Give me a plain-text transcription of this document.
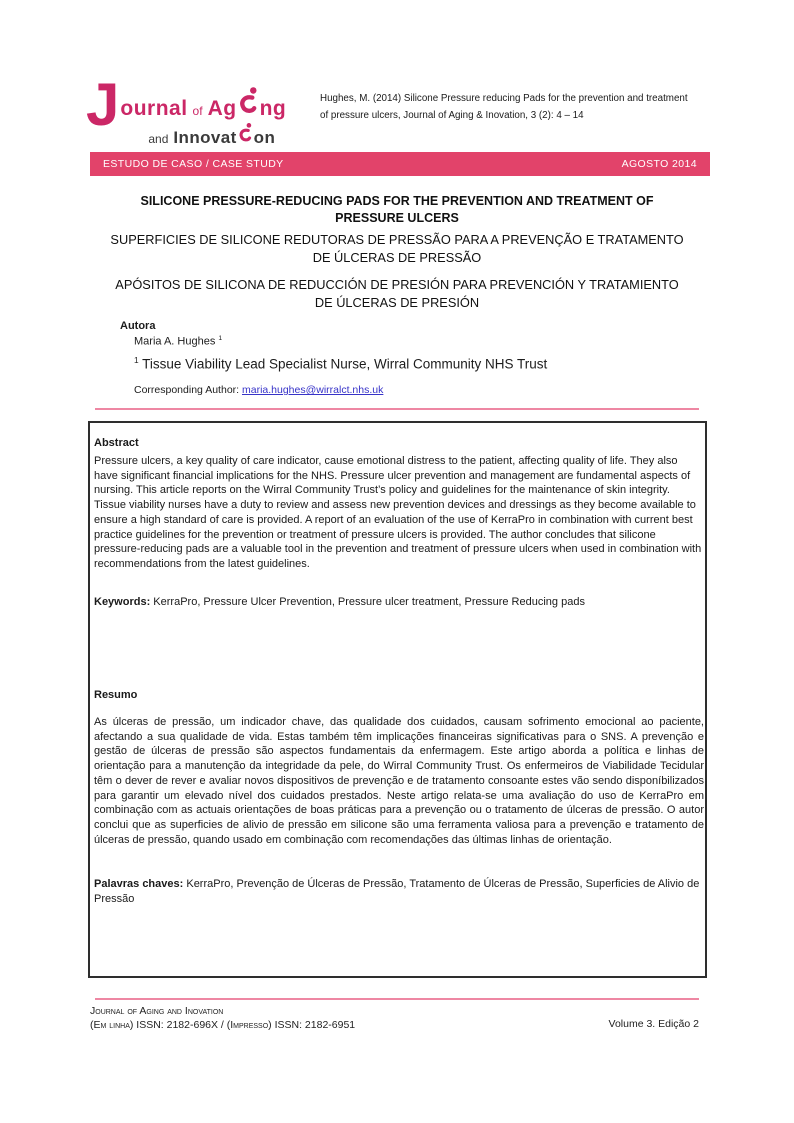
J ournal of Ag ng
and Innovat on
Hughes, M. (2014) Silicone Pressure reducing Pads for the prevention and treatment
of pressure ulcers, Journal of Aging & Inovation, 3 (2): 4 – 14
ESTUDO DE CASO / CASE STUDY	AGOSTO 2014
SILICONE PRESSURE-REDUCING PADS FOR THE PREVENTION AND TREATMENT OF
PRESSURE ULCERS
SUPERFICIES DE SILICONE REDUTORAS DE PRESSÃO PARA A PREVENÇÃO E TRATAMENTO
DE ÚLCERAS DE PRESSÃO
APÓSITOS DE SILICONA DE REDUCCIÓN DE PRESIÓN PARA PREVENCIÓN Y TRATAMIENTO
DE ÚLCERAS DE PRESIÓN
Autora
Maria A. Hughes $^1$
$^1$ Tissue Viability Lead Specialist Nurse, Wirral Community NHS Trust
Corresponding Author: maria.hughes@wirralct.nhs.uk
Abstract
Pressure ulcers, a key quality of care indicator, cause emotional distress to the patient, affecting quality of life. They also have significant financial implications for the NHS. Pressure ulcer prevention and management are fundamental aspects of nursing. This article reports on the Wirral Community Trust’s policy and guidelines for the maintenance of skin integrity. Tissue viability nurses have a duty to review and assess new prevention devices and dressings as they become available to ensure a high standard of care is provided. A report of an evaluation of the use of KerraPro in combination with current best practice guidelines for the prevention or treatment of pressure ulcers is provided. The author concludes that silicone pressure-reducing pads are a valuable tool in the prevention and treatment of pressure ulcers when used in combination with recommendations from the latest guidelines.
Keywords: KerraPro, Pressure Ulcer Prevention, Pressure ulcer treatment, Pressure Reducing pads
Resumo
As úlceras de pressão, um indicador chave, das qualidade dos cuidados, causam sofrimento emocional ao paciente, afectando a sua qualidade de vida. Estas também têm implicações financeiras significativas para o SNS. A prevenção e gestão de úlceras de pressão são aspectos fundamentais da enfermagem. Este artigo aborda a política e linhas de orientação para a manutenção da integridade da pele, do Wirral Community Trust. Os enfermeiros de Viabilidade Tecidular têm o dever de rever e avaliar novos dispositivos de prevenção e de tratamento consoante estes vão sendo disponíbilizados para garantir um elevado nível dos cuidados prestados. Neste artigo relata-se uma avaliação do uso de KerraPro em combinação com as actuais orientações de boas práticas para a prevenção ou o tratamento de úlceras de pressão. O autor conclui que as superficies de alivio de pressão em silicone são uma ferramenta valiosa para a prevenção e tratamento de úlceras de pressão, quando usado em combinação com recomendações das últimas linhas de orientação.
Palavras chaves: KerraPro, Prevenção de Úlceras de Pressão, Tratamento de Úlceras de Pressão, Superficies de Alivio de Pressão
Journal of Aging and Inovation
(Em linha) ISSN: 2182-696X / (Impresso) ISSN: 2182-6951	Volume 3. Edição 2
